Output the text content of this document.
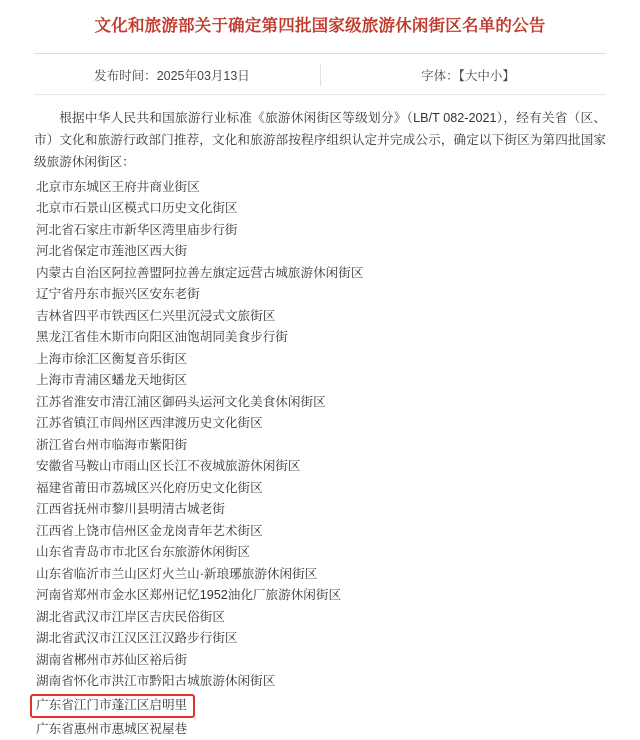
文化和旅游部关于确定第四批国家级旅游休闲街区名单的公告
发布时间：2025年03月13日	字体：【大中小】

根据中华人民共和国旅游行业标准《旅游休闲街区等级划分》（LB/T 082-2021），经有关省（区、市）文化和旅游行政部门推荐，文化和旅游部按程序组织认定并完成公示，确定以下街区为第四批国家级旅游休闲街区：

北京市东城区王府井商业街区
北京市石景山区模式口历史文化街区
河北省石家庄市新华区湾里庙步行街
河北省保定市莲池区西大街
内蒙古自治区阿拉善盟阿拉善左旗定远营古城旅游休闲街区
辽宁省丹东市振兴区安东老街
吉林省四平市铁西区仁兴里沉浸式文旅街区
黑龙江省佳木斯市向阳区油饱胡同美食步行街
上海市徐汇区衡复音乐街区
上海市青浦区蟠龙天地街区
江苏省淮安市清江浦区御码头运河文化美食休闲街区
江苏省镇江市闾州区西津渡历史文化街区
浙江省台州市临海市紫阳街
安徽省马鞍山市雨山区长江不夜城旅游休闲街区
福建省莆田市荔城区兴化府历史文化街区
江西省抚州市黎川县明清古城老街
江西省上饶市信州区金龙岗青年艺术街区
山东省青岛市市北区台东旅游休闲街区
山东省临沂市兰山区灯火兰山·新琅琊旅游休闲街区
河南省郑州市金水区郑州记忆1952油化厂旅游休闲街区
湖北省武汉市江岸区吉庆民俗街区
湖北省武汉市江汉区江汉路步行街区
湖南省郴州市苏仙区裕后街
湖南省怀化市洪江市黔阳古城旅游休闲街区
广东省江门市蓬江区启明里
广东省惠州市惠城区祝屋巷
